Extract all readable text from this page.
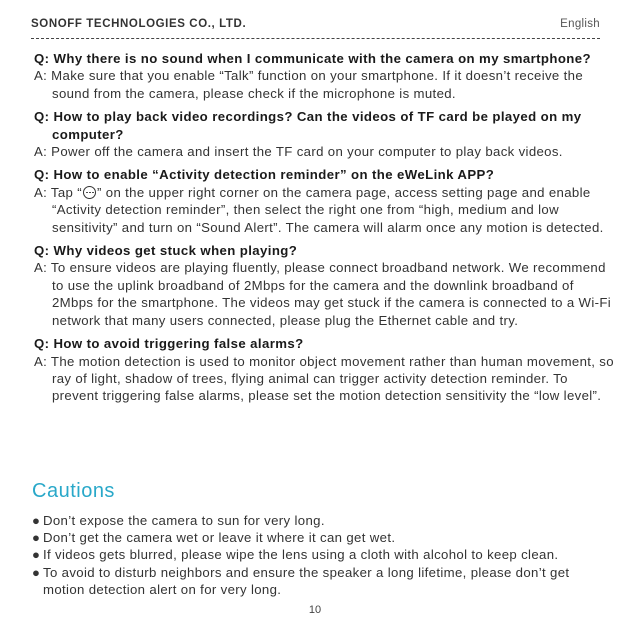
SONOFF TECHNOLOGIES CO., LTD.	English
Q: Why there is no sound when I communicate with the camera on my smartphone?
A: Make sure that you enable “Talk” function on your smartphone. If it doesn’t receive the sound from the camera, please check if the microphone is muted.
Q: How to play back video recordings? Can the videos of TF card be played on my computer?
A: Power off the camera and insert the TF card on your computer to play back videos.
Q: How to enable “Activity detection reminder” on the eWeLink APP?
A: Tap “ ” on the upper right corner on the camera page, access setting page and enable “Activity detection reminder”, then select the right one from “high, medium and low sensitivity” and turn on “Sound Alert”. The camera will alarm once any motion is detected.
Q: Why videos get stuck when playing?
A: To ensure videos are playing fluently, please connect broadband network. We recommend to use the uplink broadband of 2Mbps for the camera and the downlink broadband of 2Mbps for the smartphone. The videos may get stuck if the camera is connected to a Wi-Fi network that many users connected, please plug the Ethernet cable and try.
Q: How to avoid triggering false alarms?
A: The motion detection is used to monitor object movement rather than human movement, so ray of light, shadow of trees, flying animal can trigger activity detection reminder. To prevent triggering false alarms, please set the motion detection sensitivity the “low level”.
Cautions
● Don’t expose the camera to sun for very long.
● Don’t get the camera wet or leave it where it can get wet.
● If videos gets blurred, please wipe the lens using a cloth with alcohol to keep clean.
● To avoid to disturb neighbors and ensure the speaker a long lifetime, please don’t get motion detection alert on for very long.
10
